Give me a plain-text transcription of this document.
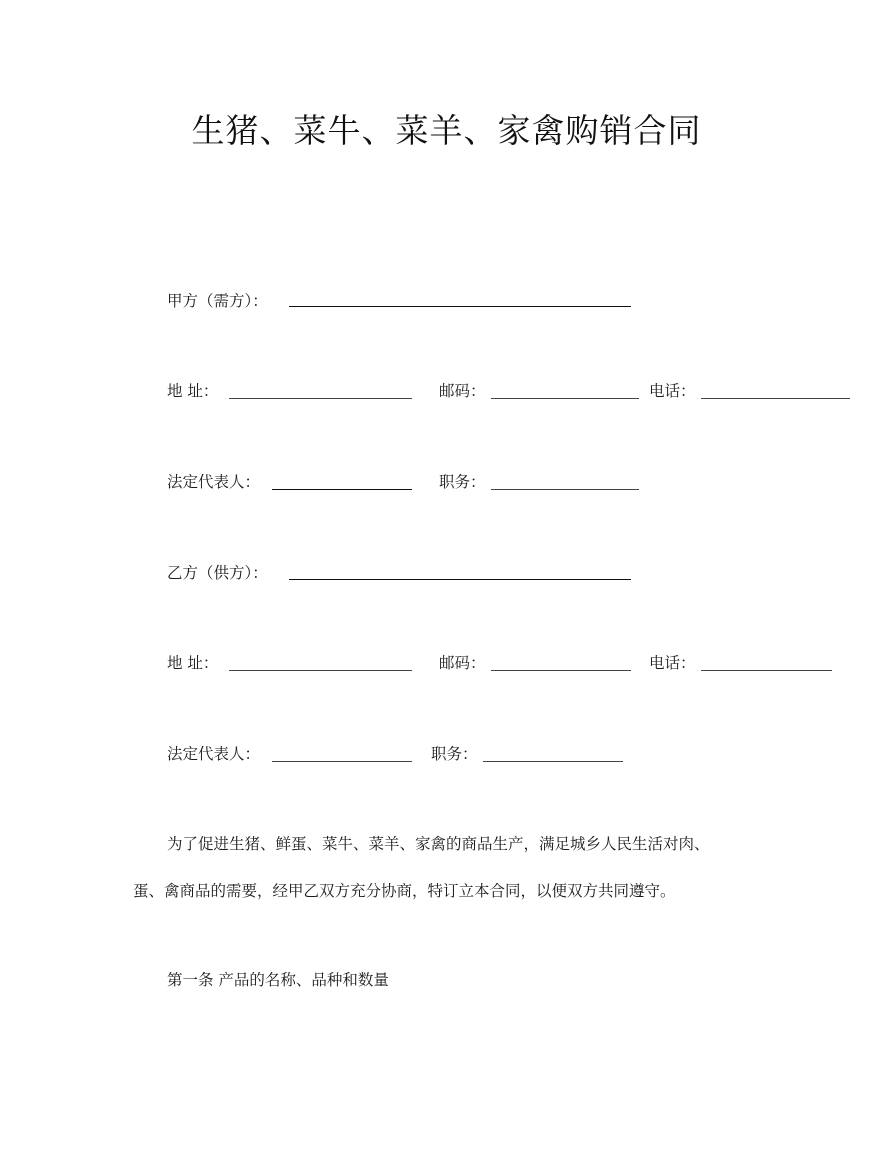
生猪、菜牛、菜羊、家禽购销合同
甲方（需方）：
地 址：	邮码：	电话：
法定代表人：	职务：
乙方（供方）：
地 址：	邮码：	电话：
法定代表人：	职务：
为了促进生猪、鲜蛋、菜牛、菜羊、家禽的商品生产，满足城乡人民生活对肉、
蛋、禽商品的需要，经甲乙双方充分协商，特订立本合同，以便双方共同遵守。
第一条 产品的名称、品种和数量
